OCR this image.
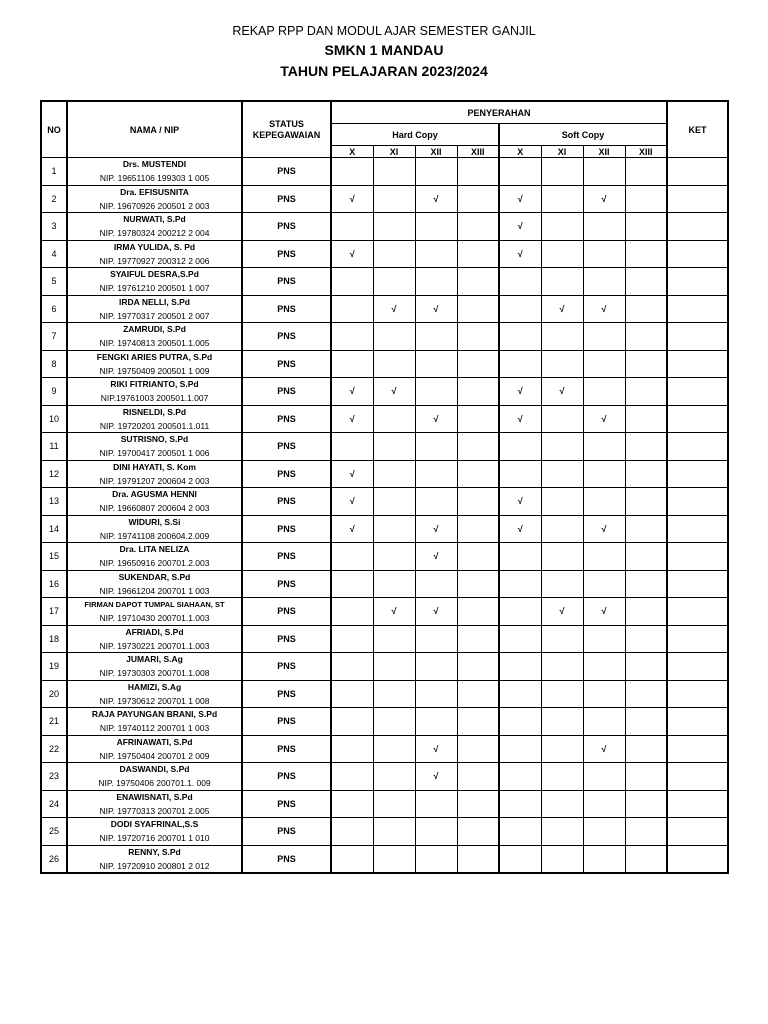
REKAP RPP DAN MODUL AJAR SEMESTER GANJIL
SMKN 1 MANDAU
TAHUN PELAJARAN 2023/2024
NO	NAMA / NIP	STATUS KEPEGAWAIAN	PENYERAHAN								KET
			Hard Copy				Soft Copy				
			X	XI	XII	XIII	X	XI	XII	XIII	
1	Drs. MUSTENDI
NIP. 19651106 199303 1 005	PNS									
2	Dra. EFISUSNITA
NIP. 19670926 200501 2 003	PNS	√		√		√		√		
3	NURWATI, S.Pd
NIP. 19780324 200212 2 004	PNS					√				
4	IRMA YULIDA, S. Pd
NIP. 19770927 200312 2 006	PNS	√				√				
5	SYAIFUL DESRA,S.Pd
NIP. 19761210 200501 1 007	PNS									
6	IRDA NELLI, S.Pd
NIP. 19770317 200501 2 007	PNS		√	√			√	√		
7	ZAMRUDI, S.Pd
NIP. 19740813 200501.1.005	PNS									
8	FENGKI ARIES PUTRA, S.Pd
NIP. 19750409 200501 1 009	PNS									
9	RIKI FITRIANTO, S.Pd
NIP.19761003 200501.1.007	PNS	√	√			√	√			
10	RISNELDI, S.Pd
NIP. 19720201 200501.1.011	PNS	√		√		√		√		
11	SUTRISNO, S.Pd
NIP. 19700417 200501 1 006	PNS									
12	DINI HAYATI, S. Kom
NIP. 19791207 200604 2 003	PNS	√								
13	Dra. AGUSMA HENNI
NIP. 19660807 200604 2 003	PNS	√				√				
14	WIDURI, S.Si
NIP. 19741108 200604.2.009	PNS	√		√		√		√		
15	Dra. LITA NELIZA
NIP. 19650916 200701.2.003	PNS			√						
16	SUKENDAR, S.Pd
NIP. 19661204 200701 1 003	PNS									
17	FIRMAN DAPOT TUMPAL SIAHAAN, ST
NIP. 19710430 200701.1.003	PNS		√	√			√	√		
18	AFRIADI, S.Pd
NIP. 19730221 200701.1.003	PNS									
19	JUMARI, S.Ag
NIP. 19730303 200701.1.008	PNS									
20	HAMIZI, S.Ag
NIP. 19730612 200701 1 008	PNS									
21	RAJA PAYUNGAN BRANI, S.Pd
NIP. 19740112 200701 1 003	PNS									
22	AFRINAWATI, S.Pd
NIP. 19750404 200701 2 009	PNS			√				√		
23	DASWANDI, S.Pd
NIP. 19750406 200701.1. 009	PNS			√						
24	ENAWISNATI, S.Pd
NIP. 19770313 200701 2.005	PNS									
25	DODI SYAFRINAL,S.S
NIP. 19720716 200701 1 010	PNS									
26	RENNY, S.Pd
NIP. 19720910 200801 2 012	PNS									
